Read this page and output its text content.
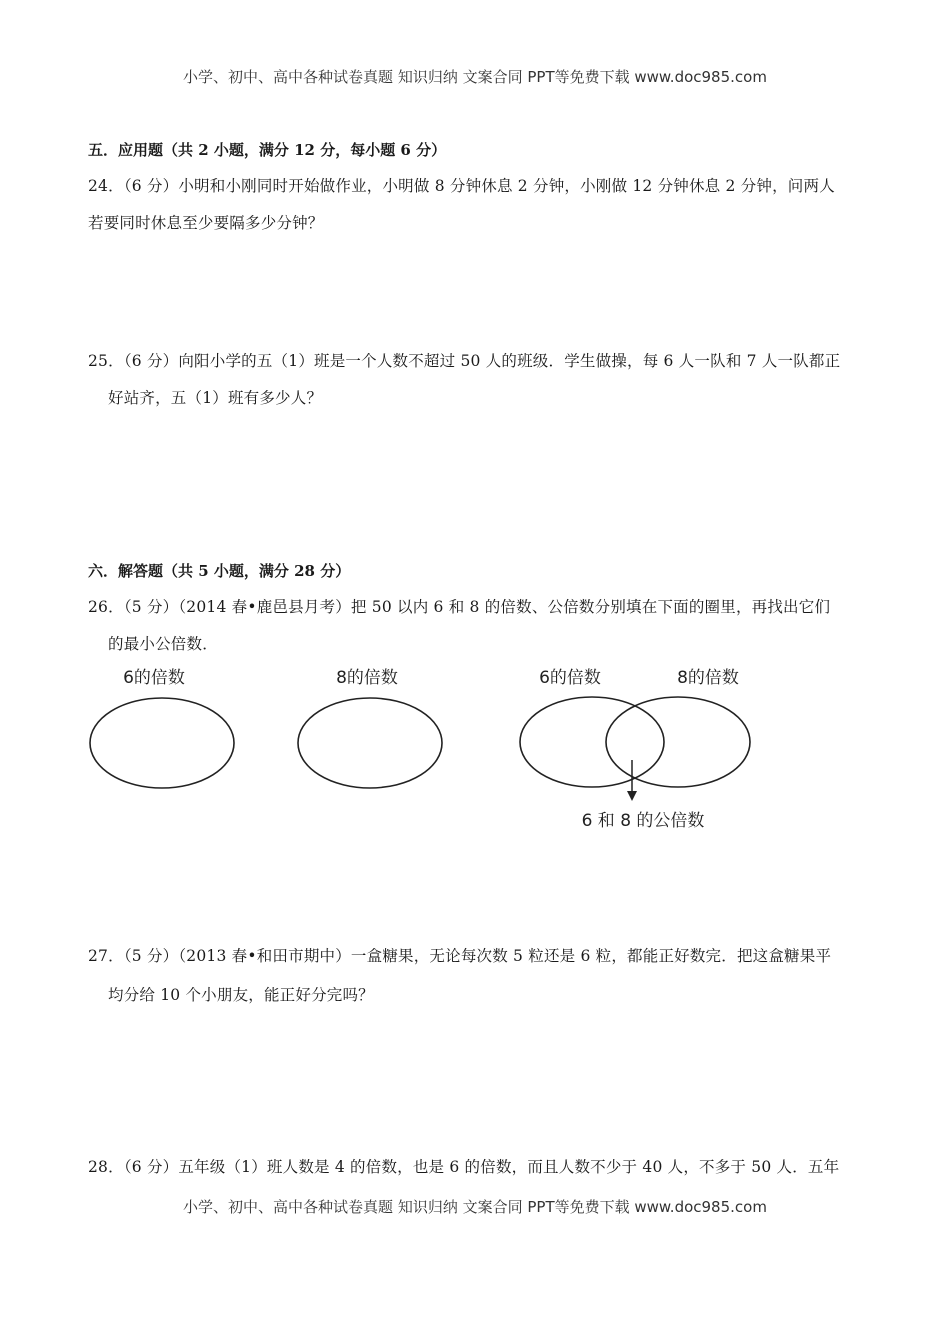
小学、初中、高中各种试卷真题 知识归纳 文案合同 PPT等免费下载 www.doc985.com
五．应用题（共 2 小题，满分 12 分，每小题 6 分）
24．（6 分）小明和小刚同时开始做作业，小明做 8 分钟休息 2 分钟，小刚做 12 分钟休息 2 分钟，问两人
若要同时休息至少要隔多少分钟？
25．（6 分）向阳小学的五（1）班是一个人数不超过 50 人的班级．学生做操，每 6 人一队和 7 人一队都正
好站齐，五（1）班有多少人？
六．解答题（共 5 小题，满分 28 分）
26．（5 分）（2014 春•鹿邑县月考）把 50 以内 6 和 8 的倍数、公倍数分别填在下面的圈里，再找出它们
的最小公倍数．
6的倍数	8的倍数	6的倍数	8的倍数
6 和 8 的公倍数
27．（5 分）（2013 春•和田市期中）一盒糖果，无论每次数 5 粒还是 6 粒，都能正好数完．把这盒糖果平
均分给 10 个小朋友，能正好分完吗？
28．（6 分）五年级（1）班人数是 4 的倍数，也是 6 的倍数，而且人数不少于 40 人，不多于 50 人．五年
小学、初中、高中各种试卷真题 知识归纳 文案合同 PPT等免费下载 www.doc985.com
